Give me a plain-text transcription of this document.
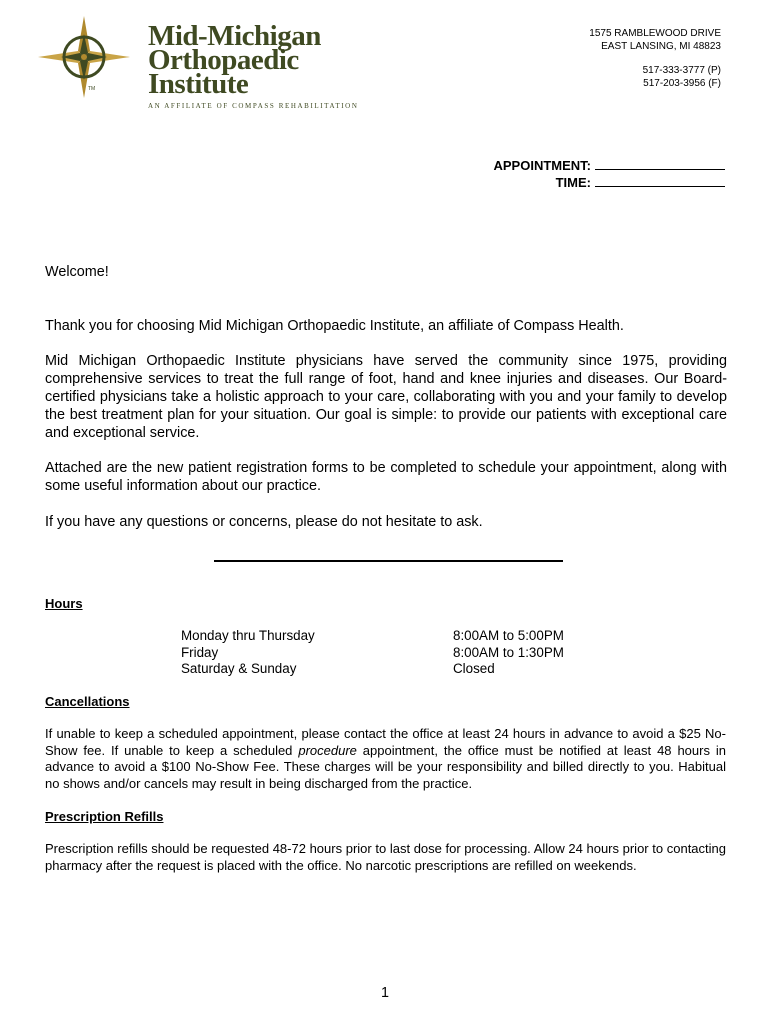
TM
Mid-Michigan
Orthopaedic
Institute
AN AFFILIATE OF COMPASS REHABILITATION
1575 RAMBLEWOOD DRIVE
EAST LANSING, MI 48823
517-333-3777 (P)
517-203-3956 (F)
APPOINTMENT:
TIME:
Welcome!
Thank you for choosing Mid Michigan Orthopaedic Institute, an affiliate of Compass Health.
Mid Michigan Orthopaedic Institute physicians have served the community since 1975, providing comprehensive services to treat the full range of foot, hand and knee injuries and diseases. Our Board-certified physicians take a holistic approach to your care, collaborating with you and your family to develop the best treatment plan for your situation. Our goal is simple: to provide our patients with exceptional care and exceptional service.
Attached are the new patient registration forms to be completed to schedule your appointment, along with some useful information about our practice.
If you have any questions or concerns, please do not hesitate to ask.
Hours
Monday thru Thursday	8:00AM to 5:00PM
Friday	8:00AM to 1:30PM
Saturday & Sunday	Closed
Cancellations
If unable to keep a scheduled appointment, please contact the office at least 24 hours in advance to avoid a $25 No-Show fee. If unable to keep a scheduled procedure appointment, the office must be notified at least 48 hours in advance to avoid a $100 No-Show Fee. These charges will be your responsibility and billed directly to you. Habitual no shows and/or cancels may result in being discharged from the practice.
Prescription Refills
Prescription refills should be requested 48-72 hours prior to last dose for processing. Allow 24 hours prior to contacting pharmacy after the request is placed with the office. No narcotic prescriptions are refilled on weekends.
1
